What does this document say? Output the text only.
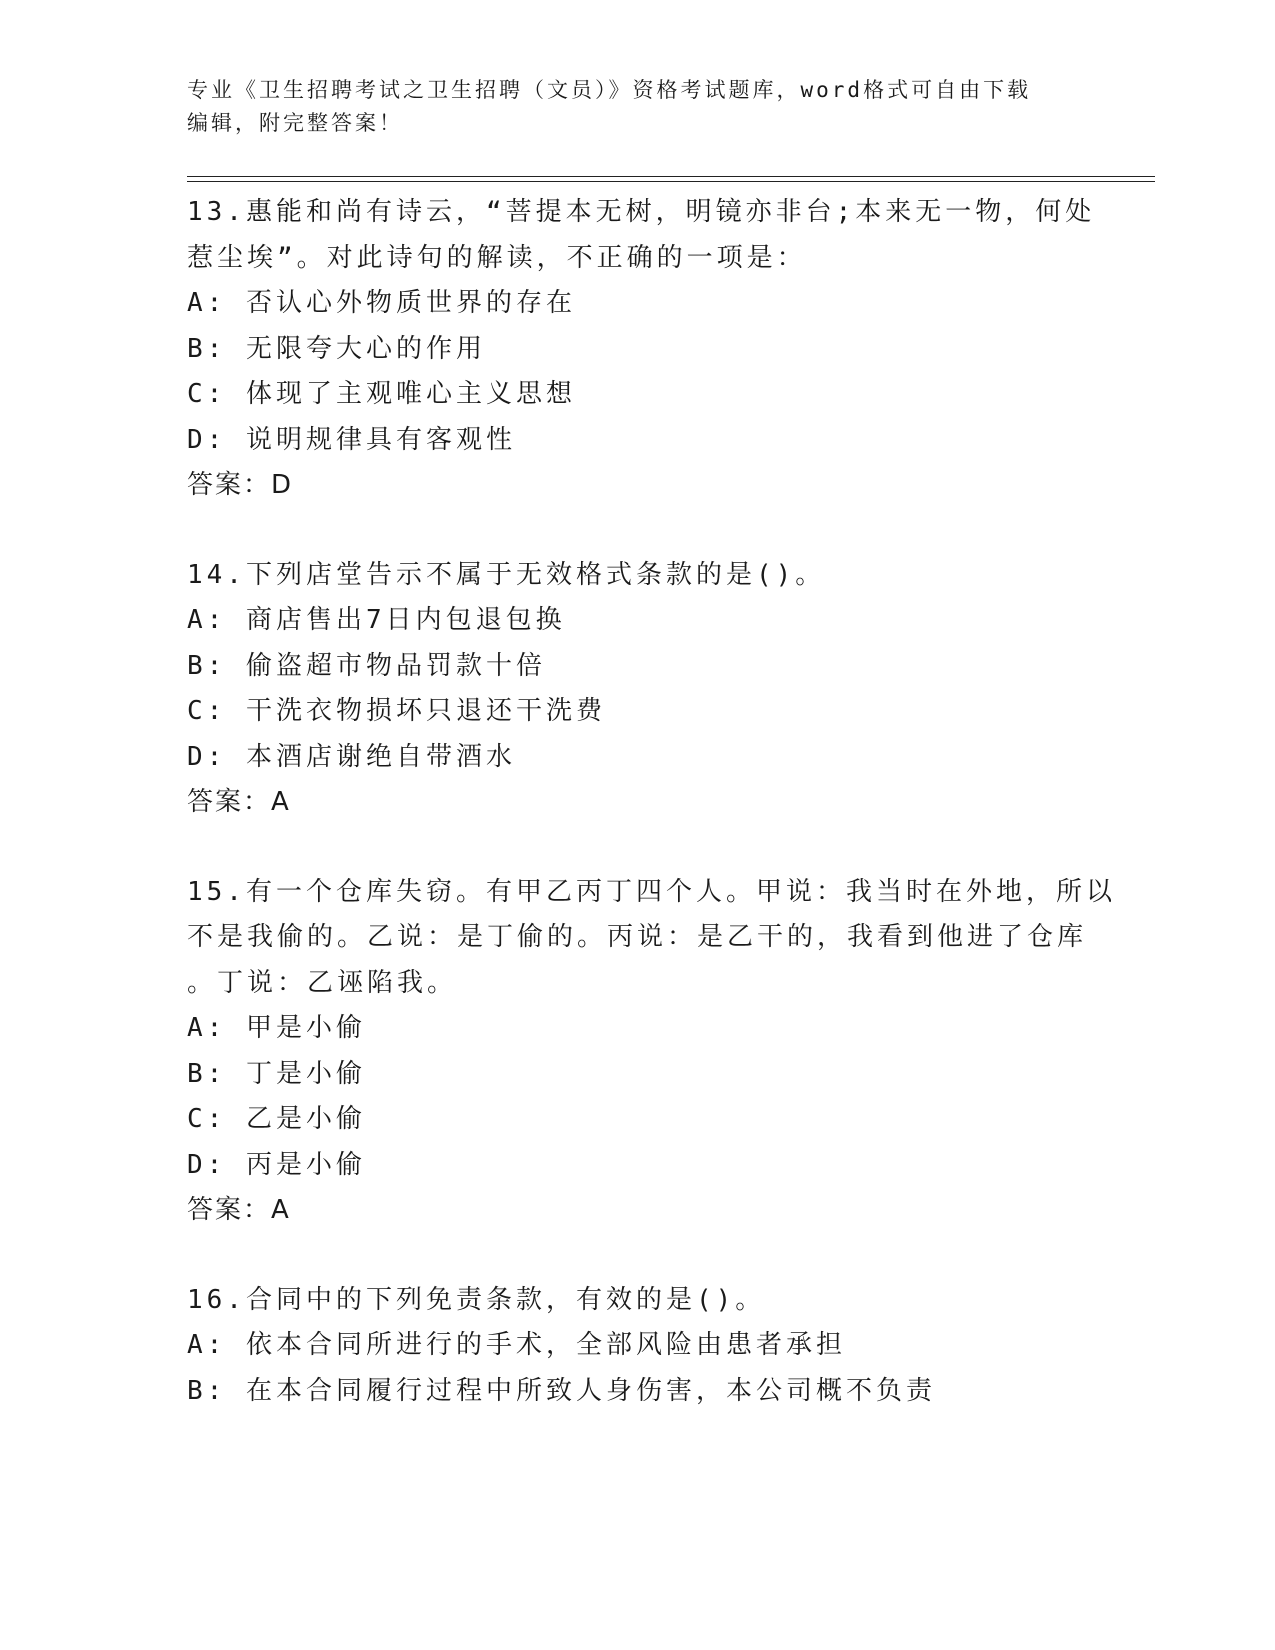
专业《卫生招聘考试之卫生招聘（文员）》资格考试题库，word格式可自由下载
编辑，附完整答案！
13.惠能和尚有诗云，“菩提本无树，明镜亦非台;本来无一物，何处
惹尘埃”。对此诗句的解读，不正确的一项是：
A: 否认心外物质世界的存在
B: 无限夸大心的作用
C: 体现了主观唯心主义思想
D: 说明规律具有客观性
答案：D
14.下列店堂告示不属于无效格式条款的是()。
A: 商店售出7日内包退包换
B: 偷盗超市物品罚款十倍
C: 干洗衣物损坏只退还干洗费
D: 本酒店谢绝自带酒水
答案：A
15.有一个仓库失窃。有甲乙丙丁四个人。甲说：我当时在外地，所以
不是我偷的。乙说：是丁偷的。丙说：是乙干的，我看到他进了仓库
。丁说：乙诬陷我。
A: 甲是小偷
B: 丁是小偷
C: 乙是小偷
D: 丙是小偷
答案：A
16.合同中的下列免责条款，有效的是()。
A: 依本合同所进行的手术，全部风险由患者承担
B: 在本合同履行过程中所致人身伤害，本公司概不负责
